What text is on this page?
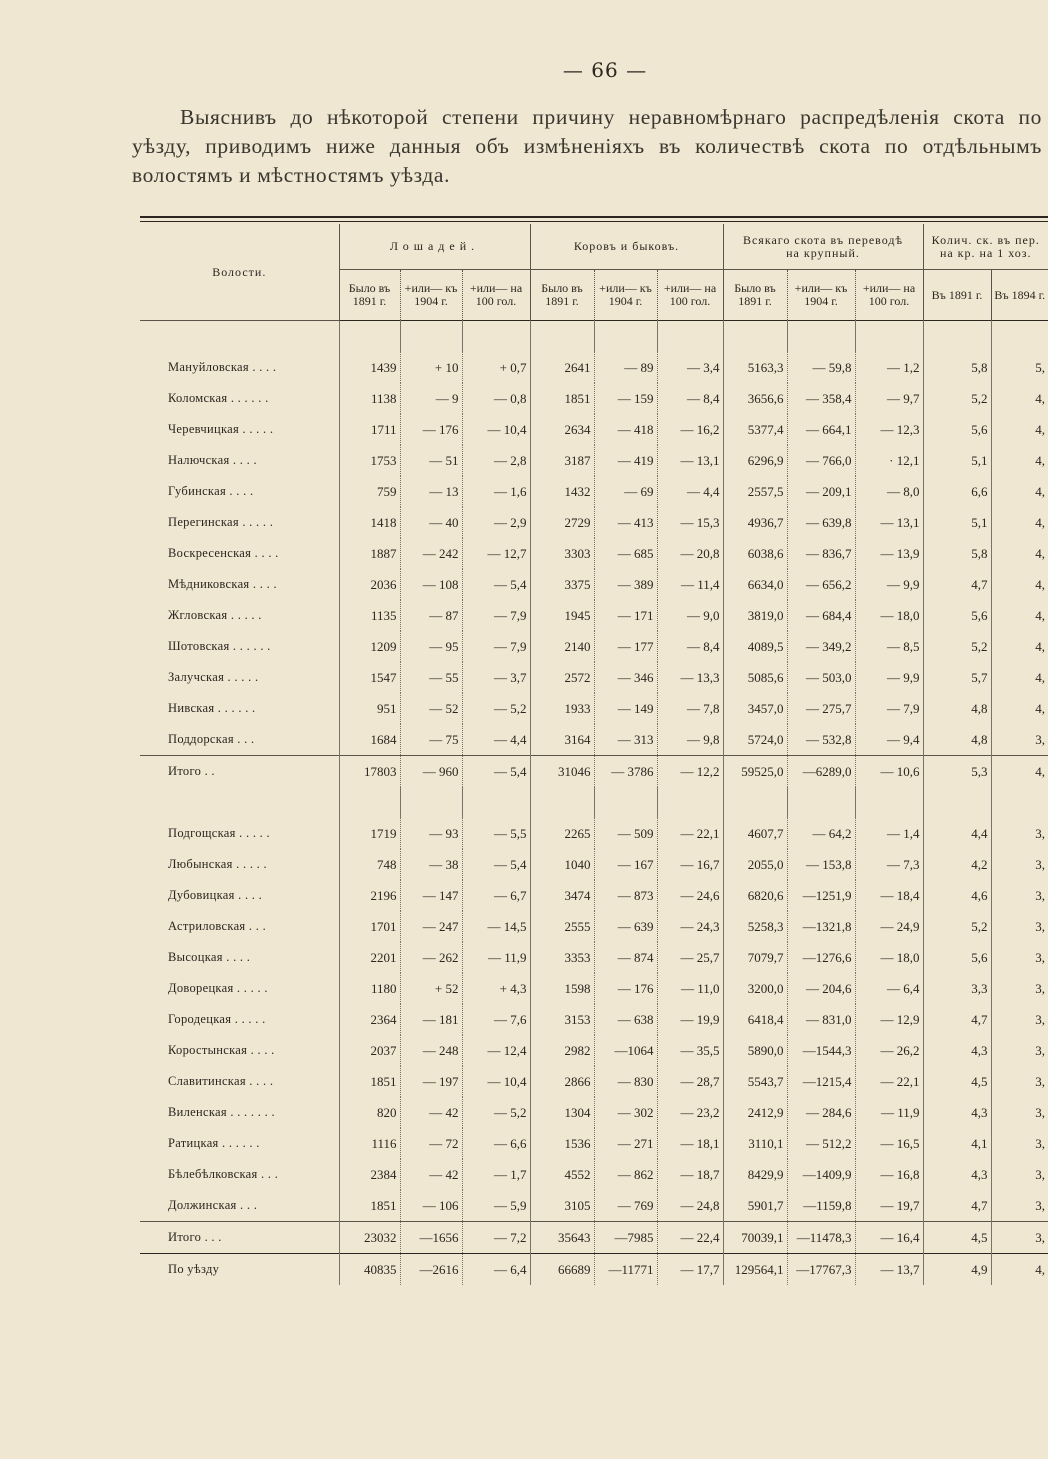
— 66 —
Выяснивъ до нѣкоторой степени причину неравномѣрнаго распредѣленія скота по уѣзду, приводимъ ниже данныя объ измѣненіяхъ въ количествѣ скота по отдѣльнымъ волостямъ и мѣстностямъ уѣзда.
Волости.	Лошадей.			Коровъ и быковъ.			Всякаго скота въ переводѣ на крупный.			Колич. ск. въ пер. на кр. на 1 хоз.	
	Было въ 1891 г.	+или— къ 1904 г.	+или— на 100 гол.	Было въ 1891 г.	+или— къ 1904 г.	+или— на 100 гол.	Было въ 1891 г.	+или— къ 1904 г.	+или— на 100 гол.	Въ 1891 г.	Въ 1894 г.

Мануйловская . . . .	1439	+ 10	+ 0,7	2641	— 89	— 3,4	5163,3	— 59,8	— 1,2	5,8	5,
Коломская . . . . . .	1138	— 9	— 0,8	1851	— 159	— 8,4	3656,6	— 358,4	— 9,7	5,2	4,
Черевчицкая . . . . .	1711	— 176	— 10,4	2634	— 418	— 16,2	5377,4	— 664,1	— 12,3	5,6	4,
Налючская . . . .	1753	— 51	— 2,8	3187	— 419	— 13,1	6296,9	— 766,0	· 12,1	5,1	4,
Губинская . . . .	759	— 13	— 1,6	1432	— 69	— 4,4	2557,5	— 209,1	— 8,0	6,6	4,
Перегинская . . . . .	1418	— 40	— 2,9	2729	— 413	— 15,3	4936,7	— 639,8	— 13,1	5,1	4,
Воскресенская . . . .	1887	— 242	— 12,7	3303	— 685	— 20,8	6038,6	— 836,7	— 13,9	5,8	4,
Мѣдниковская . . . .	2036	— 108	— 5,4	3375	— 389	— 11,4	6634,0	— 656,2	— 9,9	4,7	4,
Жгловская . . . . .	1135	— 87	— 7,9	1945	— 171	— 9,0	3819,0	— 684,4	— 18,0	5,6	4,
Шотовская . . . . . .	1209	— 95	— 7,9	2140	— 177	— 8,4	4089,5	— 349,2	— 8,5	5,2	4,
Залучская . . . . .	1547	— 55	— 3,7	2572	— 346	— 13,3	5085,6	— 503,0	— 9,9	5,7	4,
Нивская . . . . . .	951	— 52	— 5,2	1933	— 149	— 7,8	3457,0	— 275,7	— 7,9	4,8	4,
Поддорская . . .	1684	— 75	— 4,4	3164	— 313	— 9,8	5724,0	— 532,8	— 9,4	4,8	3,
Итого . .	17803	— 960	— 5,4	31046	— 3786	— 12,2	59525,0	—6289,0	— 10,6	5,3	4,

Подгощская . . . . .	1719	— 93	— 5,5	2265	— 509	— 22,1	4607,7	— 64,2	— 1,4	4,4	3,
Любынская . . . . .	748	— 38	— 5,4	1040	— 167	— 16,7	2055,0	— 153,8	— 7,3	4,2	3,
Дубовицкая . . . .	2196	— 147	— 6,7	3474	— 873	— 24,6	6820,6	—1251,9	— 18,4	4,6	3,
Астриловская . . .	1701	— 247	— 14,5	2555	— 639	— 24,3	5258,3	—1321,8	— 24,9	5,2	3,
Высоцкая . . . .	2201	— 262	— 11,9	3353	— 874	— 25,7	7079,7	—1276,6	— 18,0	5,6	3,
Доворецкая . . . . .	1180	+ 52	+ 4,3	1598	— 176	— 11,0	3200,0	— 204,6	— 6,4	3,3	3,
Городецкая . . . . .	2364	— 181	— 7,6	3153	— 638	— 19,9	6418,4	— 831,0	— 12,9	4,7	3,
Коростынская . . . .	2037	— 248	— 12,4	2982	—1064	— 35,5	5890,0	—1544,3	— 26,2	4,3	3,
Славитинская . . . .	1851	— 197	— 10,4	2866	— 830	— 28,7	5543,7	—1215,4	— 22,1	4,5	3,
Виленская . . . . . . .	820	— 42	— 5,2	1304	— 302	— 23,2	2412,9	— 284,6	— 11,9	4,3	3,
Ратицкая . . . . . .	1116	— 72	— 6,6	1536	— 271	— 18,1	3110,1	— 512,2	— 16,5	4,1	3,
Бѣлебѣлковская . . .	2384	— 42	— 1,7	4552	— 862	— 18,7	8429,9	—1409,9	— 16,8	4,3	3,
Должинская . . .	1851	— 106	— 5,9	3105	— 769	— 24,8	5901,7	—1159,8	— 19,7	4,7	3,
Итого . . .	23032	—1656	— 7,2	35643	—7985	— 22,4	70039,1	—11478,3	— 16,4	4,5	3,
По уѣзду	40835	—2616	— 6,4	66689	—11771	— 17,7	129564,1	—17767,3	— 13,7	4,9	4,
